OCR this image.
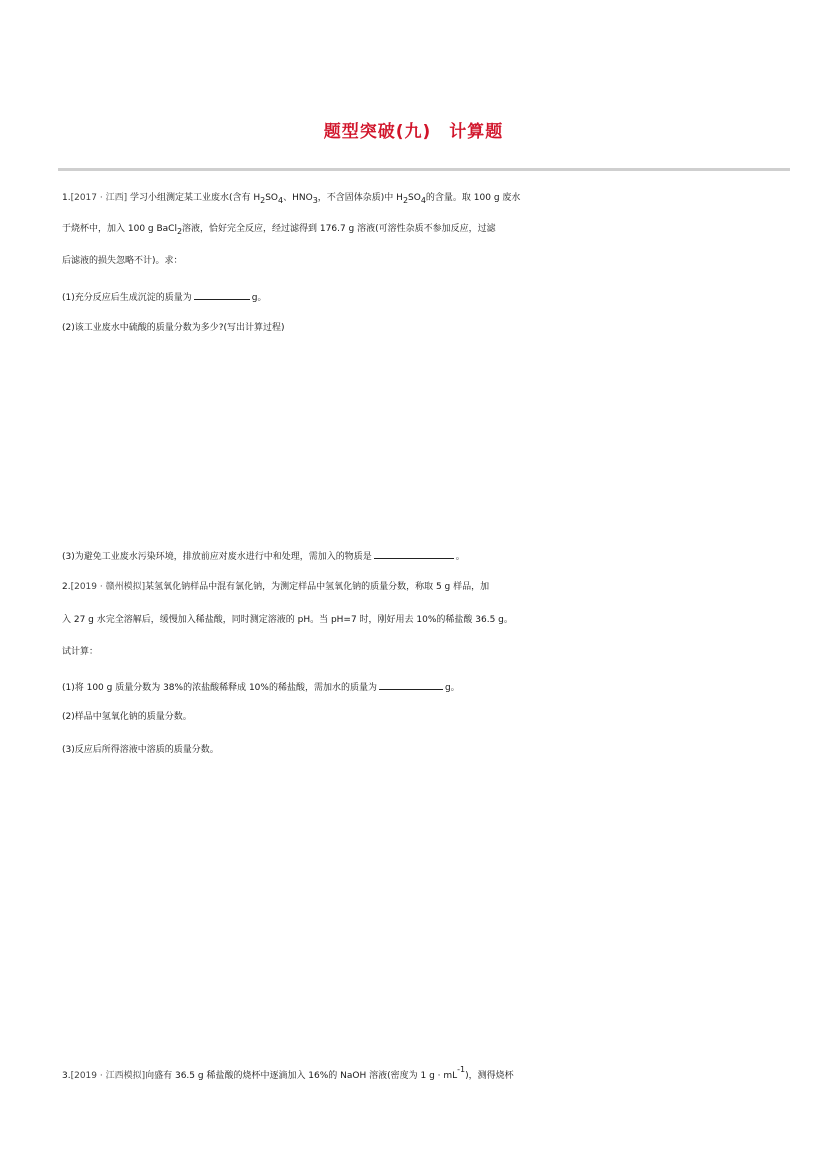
题型突破(九) 计算题
1.[2017 · 江西] 学习小组测定某工业废水(含有 $H_2SO_4$、$HNO_3$，不含固体杂质)中 $H_2SO_4$的含量。取 100 g 废水
于烧杯中，加入 100 g BaCl$_2$溶液，恰好完全反应，经过滤得到 176.7 g 溶液(可溶性杂质不参加反应，过滤
后滤液的损失忽略不计)。求：
(1)充分反应后生成沉淀的质量为	g。
(2)该工业废水中硫酸的质量分数为多少?(写出计算过程)
(3)为避免工业废水污染环境，排放前应对废水进行中和处理，需加入的物质是	。
2.[2019 · 赣州模拟]某氢氧化钠样品中混有氯化钠，为测定样品中氢氧化钠的质量分数，称取 5 g 样品，加
入 27 g 水完全溶解后，缓慢加入稀盐酸，同时测定溶液的 pH。当 pH=7 时，刚好用去 10%的稀盐酸 36.5 g。
试计算：
(1)将 100 g 质量分数为 38%的浓盐酸稀释成 10%的稀盐酸，需加水的质量为	g。
(2)样品中氢氧化钠的质量分数。
(3)反应后所得溶液中溶质的质量分数。
3.[2019 · 江西模拟]向盛有 36.5 g 稀盐酸的烧杯中逐滴加入 16%的 NaOH 溶液(密度为 1 $g \cdot mL^{-1}$)，测得烧杯
